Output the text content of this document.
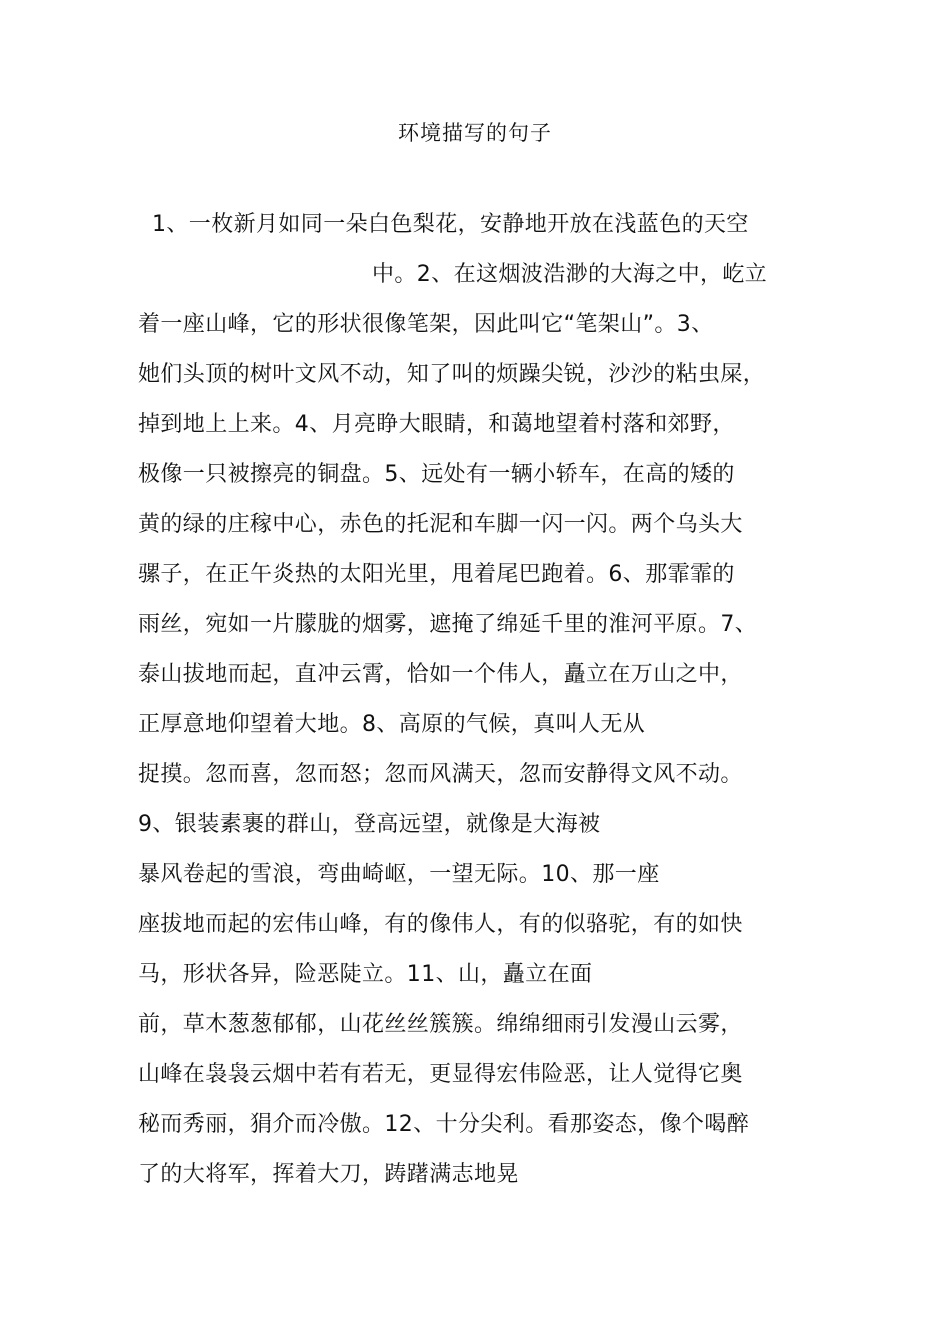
环境描写的句子
1、一枚新月如同一朵白色梨花，安静地开放在浅蓝色的天空
中。2、在这烟波浩渺的大海之中，屹立
着一座山峰，它的形状很像笔架，因此叫它“笔架山”。3、
她们头顶的树叶文风不动，知了叫的烦躁尖锐，沙沙的粘虫屎，
掉到地上上来。4、月亮睁大眼睛，和蔼地望着村落和郊野，
极像一只被擦亮的铜盘。5、远处有一辆小轿车，在高的矮的
黄的绿的庄稼中心，赤色的托泥和车脚一闪一闪。两个乌头大
骡子，在正午炎热的太阳光里，甩着尾巴跑着。6、那霏霏的
雨丝，宛如一片朦胧的烟雾，遮掩了绵延千里的淮河平原。7、
泰山拔地而起，直冲云霄，恰如一个伟人，矗立在万山之中，
正厚意地仰望着大地。8、高原的气候，真叫人无从
捉摸。忽而喜，忽而怒；忽而风满天，忽而安静得文风不动。
9、银装素裹的群山，登高远望，就像是大海被
暴风卷起的雪浪，弯曲崎岖，一望无际。10、那一座
座拔地而起的宏伟山峰，有的像伟人，有的似骆驼，有的如快
马，形状各异，险恶陡立。11、山，矗立在面
前，草木葱葱郁郁，山花丝丝簇簇。绵绵细雨引发漫山云雾，
山峰在袅袅云烟中若有若无，更显得宏伟险恶，让人觉得它奥
秘而秀丽，狷介而冷傲。12、十分尖利。看那姿态，像个喝醉
了的大将军，挥着大刀，踌躇满志地晃
